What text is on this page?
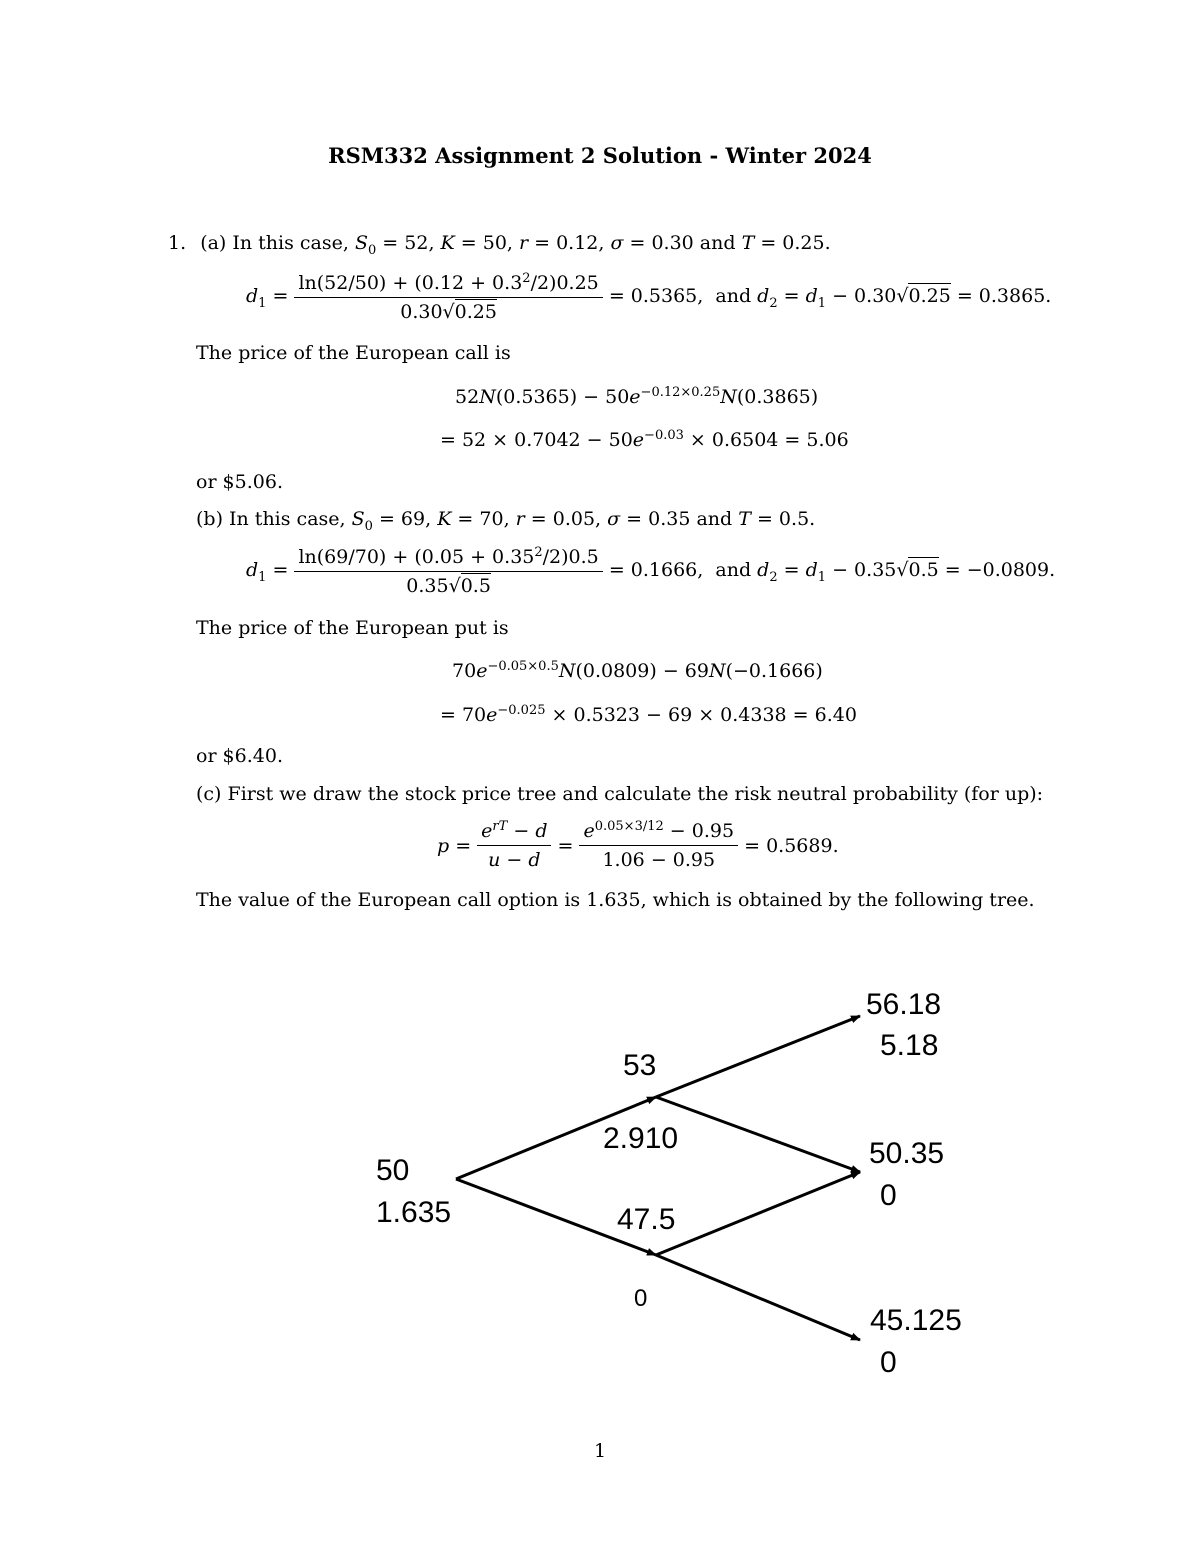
RSM332 Assignment 2 Solution - Winter 2024
1. (a) In this case, $S_0 = 52$, K = 50, r = 0.12, σ = 0.30 and T = 0.25.
$d_1 = \frac{\ln(52/50) + (0.12 + 0.3^2/2)0.25}{0.30√0.25} = 0.5365$,  and $d_2 = d_1 - 0.30√0.25 = 0.3865$.
The price of the European call is
$52N(0.5365) - 50e^{-0.12\times 0.25}N(0.3865)$
= $52 \times 0.7042 - 50e^{-0.03} \times 0.6504 = 5.06$
or $5.06.
(b) In this case, $S_0 = 69$, K = 70, r = 0.05, σ = 0.35 and T = 0.5.
$d_1 = \frac{\ln(69/70) + (0.05 + 0.35^2/2)0.5}{0.35√0.5} = 0.1666$,  and $d_2 = d_1 - 0.35√0.5 = -0.0809$.
The price of the European put is
$70e^{-0.05\times 0.5}N(0.0809) - 69N(-0.1666)$
= $70e^{-0.025} \times 0.5323 - 69 \times 0.4338 = 6.40$
or $6.40.
(c) First we draw the stock price tree and calculate the risk neutral probability (for up):
$p = \frac{e^{rT} - d}{u - d} = \frac{e^{0.05\times 3/12} - 0.95}{1.06 - 0.95}$
= 0.5689.
The value of the European call option is 1.635, which is obtained by the following tree.
50
1.635
53
2.910
47.5
0
56.18
5.18
50.35
0
45.125
0
1
